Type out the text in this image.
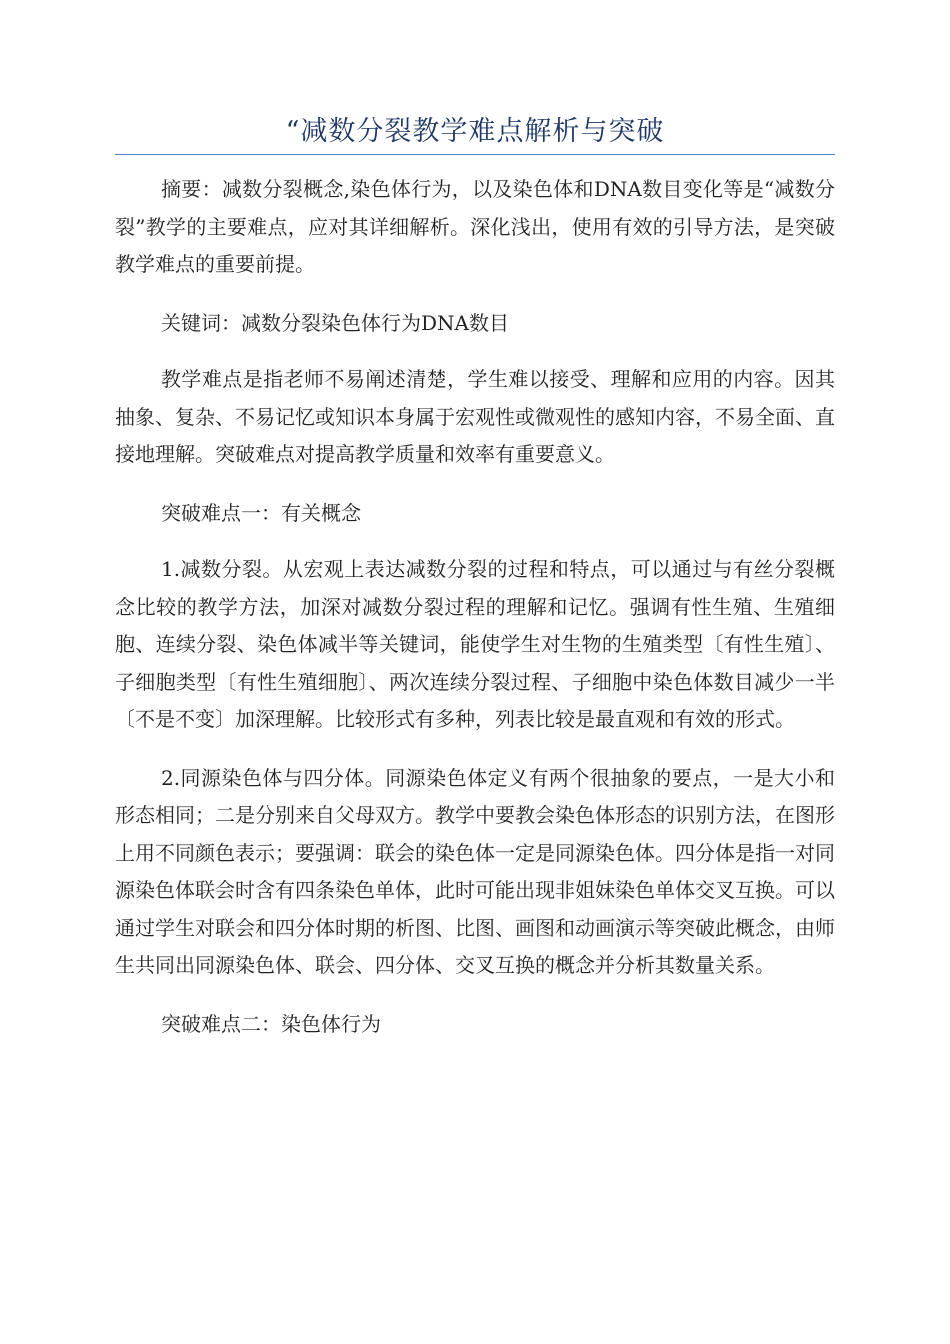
“减数分裂教学难点解析与突破

摘要：减数分裂概念,染色体行为，以及染色体和DNA数目变化等是“减数分裂”教学的主要难点，应对其详细解析。深化浅出，使用有效的引导方法，是突破教学难点的重要前提。

关键词：减数分裂染色体行为DNA数目

教学难点是指老师不易阐述清楚，学生难以接受、理解和应用的内容。因其抽象、复杂、不易记忆或知识本身属于宏观性或微观性的感知内容，不易全面、直接地理解。突破难点对提高教学质量和效率有重要意义。

突破难点一：有关概念

1.减数分裂。从宏观上表达减数分裂的过程和特点，可以通过与有丝分裂概念比较的教学方法，加深对减数分裂过程的理解和记忆。强调有性生殖、生殖细胞、连续分裂、染色体减半等关键词，能使学生对生物的生殖类型〔有性生殖〕、子细胞类型〔有性生殖细胞〕、两次连续分裂过程、子细胞中染色体数目减少一半〔不是不变〕加深理解。比较形式有多种，列表比较是最直观和有效的形式。

2.同源染色体与四分体。同源染色体定义有两个很抽象的要点，一是大小和形态相同；二是分别来自父母双方。教学中要教会染色体形态的识别方法，在图形上用不同颜色表示；要强调：联会的染色体一定是同源染色体。四分体是指一对同源染色体联会时含有四条染色单体，此时可能出现非姐妹染色单体交叉互换。可以通过学生对联会和四分体时期的析图、比图、画图和动画演示等突破此概念，由师生共同出同源染色体、联会、四分体、交叉互换的概念并分析其数量关系。

突破难点二：染色体行为
